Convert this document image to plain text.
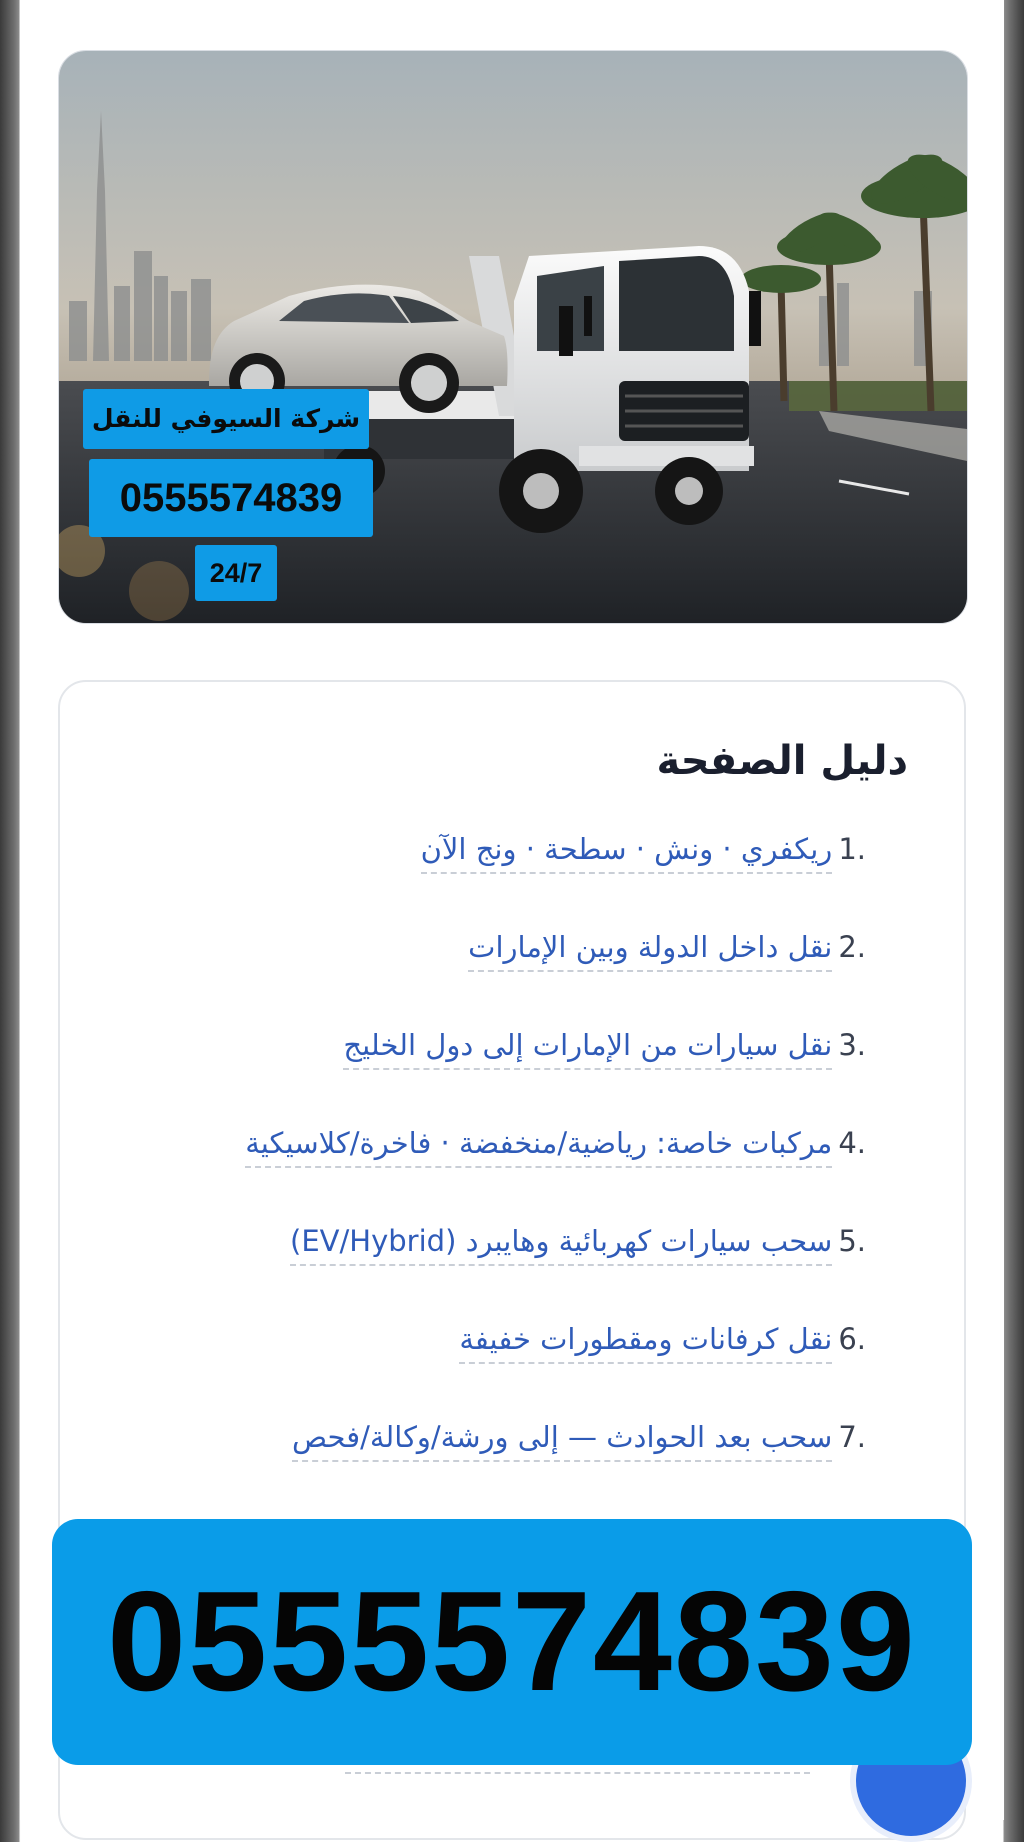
شركة السيوفي للنقل
0555574839
24/7
دليل الصفحة
1.
ريكفري · ونش · سطحة · ونج الآن
2.
نقل داخل الدولة وبين الإمارات
3.
نقل سيارات من الإمارات إلى دول الخليج
4.
مركبات خاصة: رياضية/منخفضة · فاخرة/كلاسيكية
5.
سحب سيارات كهربائية وهايبرد (EV/Hybrid)
6.
نقل كرفانات ومقطورات خفيفة
7.
سحب بعد الحوادث — إلى ورشة/وكالة/فحص
0555574839
